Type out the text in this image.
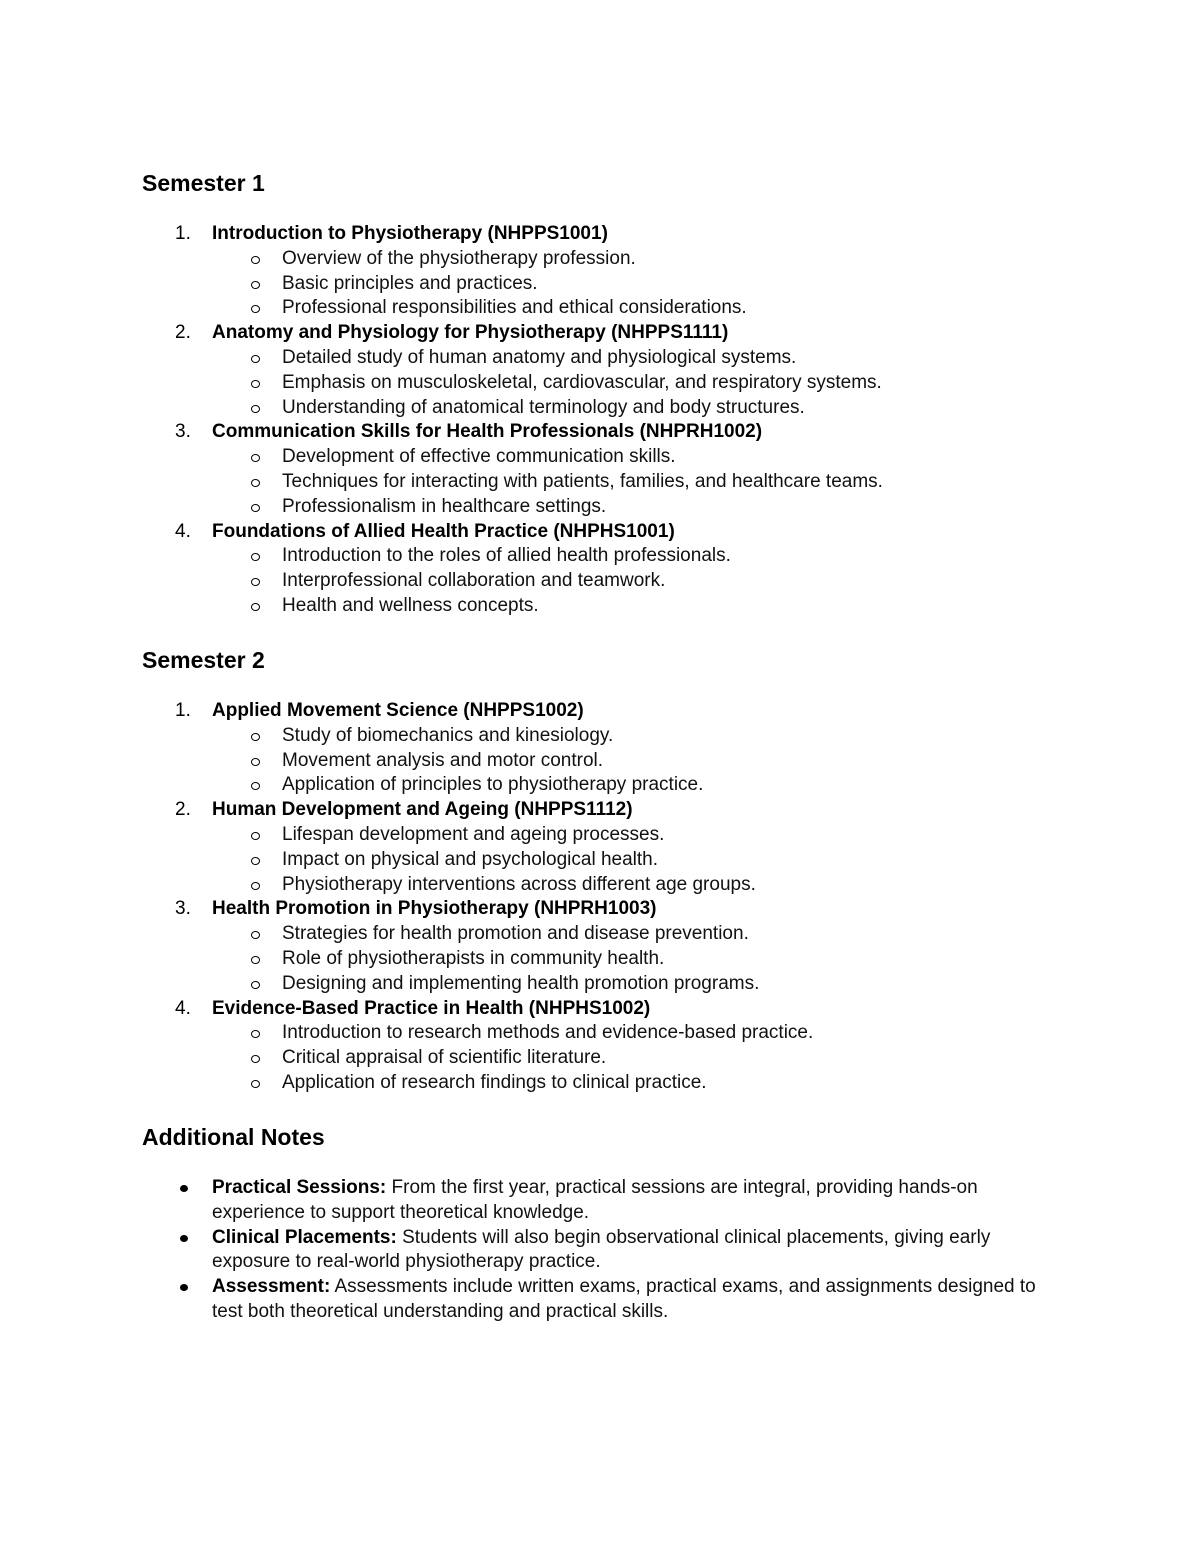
Semester 1
1. Introduction to Physiotherapy (NHPPS1001)
Overview of the physiotherapy profession.
Basic principles and practices.
Professional responsibilities and ethical considerations.
2. Anatomy and Physiology for Physiotherapy (NHPPS1111)
Detailed study of human anatomy and physiological systems.
Emphasis on musculoskeletal, cardiovascular, and respiratory systems.
Understanding of anatomical terminology and body structures.
3. Communication Skills for Health Professionals (NHPRH1002)
Development of effective communication skills.
Techniques for interacting with patients, families, and healthcare teams.
Professionalism in healthcare settings.
4. Foundations of Allied Health Practice (NHPHS1001)
Introduction to the roles of allied health professionals.
Interprofessional collaboration and teamwork.
Health and wellness concepts.
Semester 2
1. Applied Movement Science (NHPPS1002)
Study of biomechanics and kinesiology.
Movement analysis and motor control.
Application of principles to physiotherapy practice.
2. Human Development and Ageing (NHPPS1112)
Lifespan development and ageing processes.
Impact on physical and psychological health.
Physiotherapy interventions across different age groups.
3. Health Promotion in Physiotherapy (NHPRH1003)
Strategies for health promotion and disease prevention.
Role of physiotherapists in community health.
Designing and implementing health promotion programs.
4. Evidence-Based Practice in Health (NHPHS1002)
Introduction to research methods and evidence-based practice.
Critical appraisal of scientific literature.
Application of research findings to clinical practice.
Additional Notes
Practical Sessions: From the first year, practical sessions are integral, providing hands-on experience to support theoretical knowledge.
Clinical Placements: Students will also begin observational clinical placements, giving early exposure to real-world physiotherapy practice.
Assessment: Assessments include written exams, practical exams, and assignments designed to test both theoretical understanding and practical skills.
